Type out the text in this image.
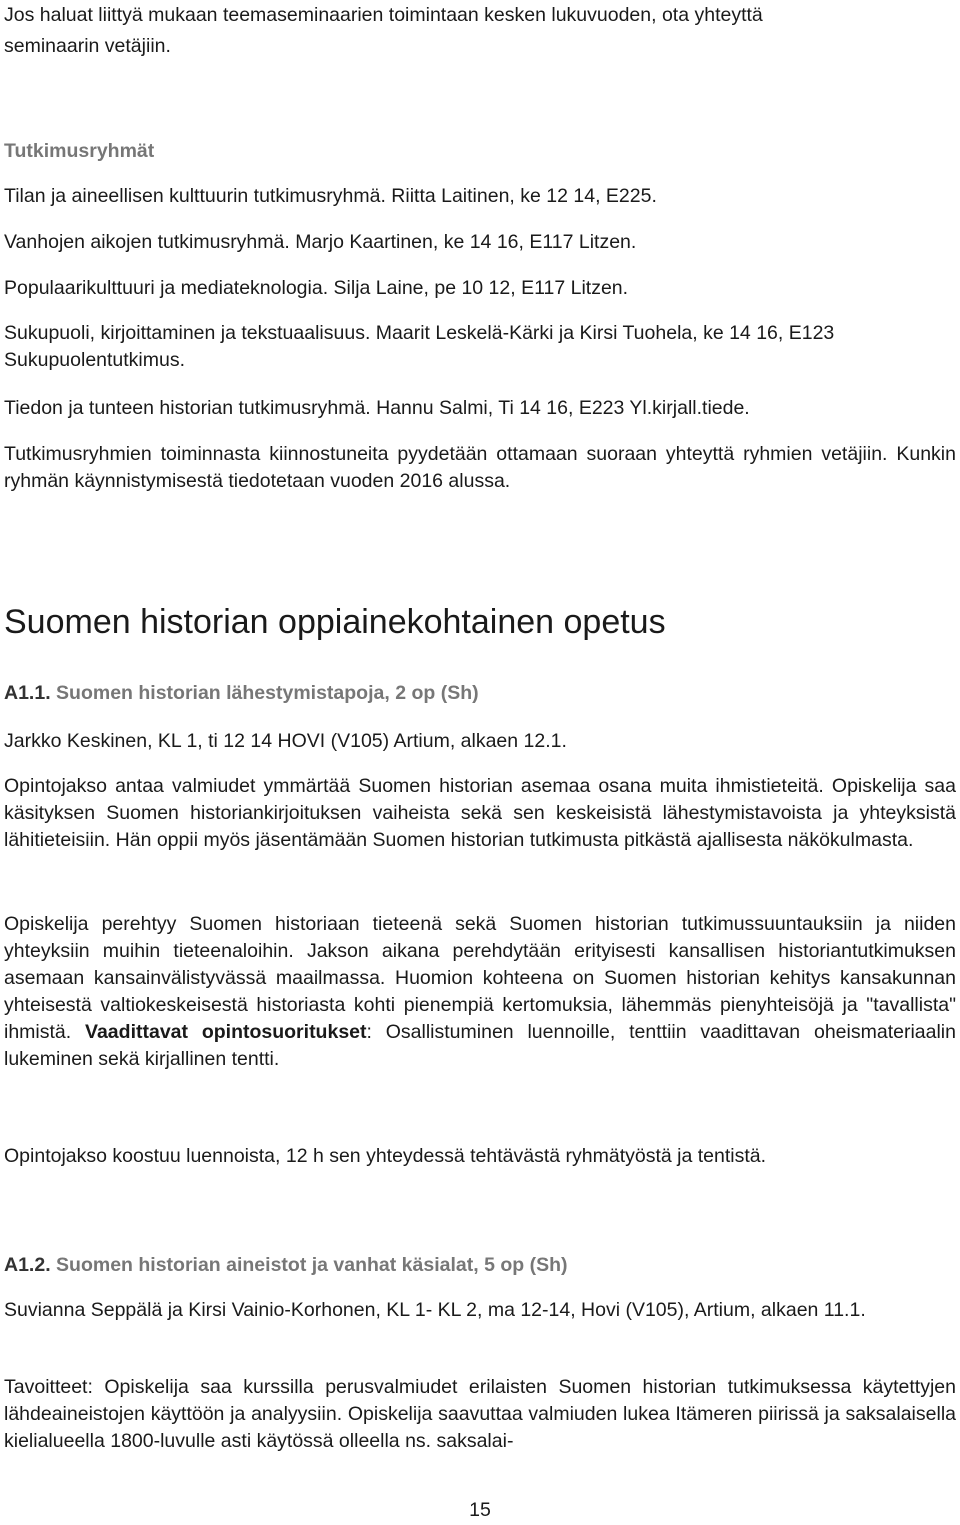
Jos haluat liittyä mukaan teemaseminaarien toimintaan kesken lukuvuoden, ota yhteyttä

seminaarin vetäjiin.

Tutkimusryhmät

Tilan ja aineellisen kulttuurin tutkimusryhmä. Riitta Laitinen, ke 12 14, E225.

Vanhojen aikojen tutkimusryhmä. Marjo Kaartinen, ke 14 16, E117 Litzen.

Populaarikulttuuri ja mediateknologia. Silja Laine, pe 10 12, E117 Litzen.

Sukupuoli, kirjoittaminen ja tekstuaalisuus. Maarit Leskelä-Kärki ja Kirsi Tuohela, ke 14 16, E123 Sukupuolentutkimus.

Tiedon ja tunteen historian tutkimusryhmä. Hannu Salmi, Ti 14 16, E223 Yl.kirjall.tiede.

Tutkimusryhmien toiminnasta kiinnostuneita pyydetään ottamaan suoraan yhteyttä ryhmien vetäjiin. Kunkin ryhmän käynnistymisestä tiedotetaan vuoden 2016 alussa.

Suomen historian oppiainekohtainen opetus

A1.1. Suomen historian lähestymistapoja, 2 op (Sh)

Jarkko Keskinen, KL 1, ti 12 14 HOVI (V105) Artium, alkaen 12.1.

Opintojakso antaa valmiudet ymmärtää Suomen historian asemaa osana muita ihmistieteitä. Opiskelija saa käsityksen Suomen historiankirjoituksen vaiheista sekä sen keskeisistä lähestymistavoista ja yhteyksistä lähitieteisiin. Hän oppii myös jäsentämään Suomen historian tutkimusta pitkästä ajallisesta näkökulmasta.

Opiskelija perehtyy Suomen historiaan tieteenä sekä Suomen historian tutkimussuuntauksiin ja niiden yhteyksiin muihin tieteenaloihin. Jakson aikana perehdytään erityisesti kansallisen historiantutkimuksen asemaan kansainvälistyvässä maailmassa. Huomion kohteena on Suomen historian kehitys kansakunnan yhteisestä valtiokeskeisestä historiasta kohti pienempiä kertomuksia, lähemmäs pienyhteisöjä ja "tavallista" ihmistä. Vaadittavat opintosuoritukset: Osallistuminen luennoille, tenttiin vaadittavan oheismateriaalin lukeminen sekä kirjallinen tentti.

Opintojakso koostuu luennoista, 12 h sen yhteydessä tehtävästä ryhmätyöstä ja tentistä.

A1.2. Suomen historian aineistot ja vanhat käsialat, 5 op (Sh)

Suvianna Seppälä ja Kirsi Vainio-Korhonen, KL 1- KL 2, ma 12-14, Hovi (V105), Artium, alkaen 11.1.

Tavoitteet: Opiskelija saa kurssilla perusvalmiudet erilaisten Suomen historian tutkimuksessa käytettyjen lähdeaineistojen käyttöön ja analyysiin. Opiskelija saavuttaa valmiuden lukea Itämeren piirissä ja saksalaisella kielialueella 1800-luvulle asti käytössä olleella ns. saksalai-

15
